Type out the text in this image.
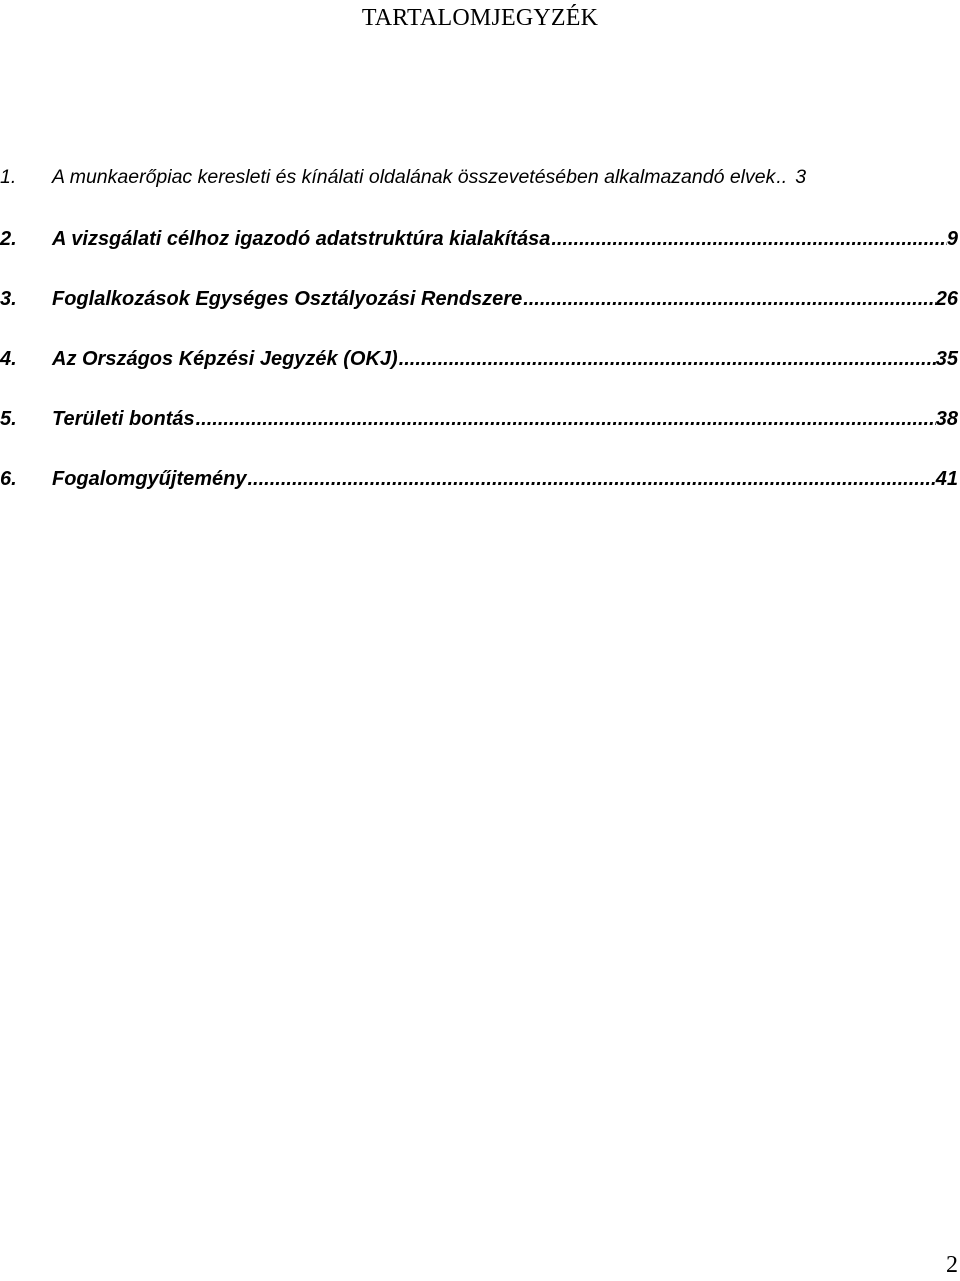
TARTALOMJEGYZÉK
1.	A munkaerőpiac keresleti és kínálati oldalának összevetésében alkalmazandó elvek .. 3
2.	A vizsgálati célhoz igazodó adatstruktúra kialakítása .....	9
3.	Foglalkozások Egységes Osztályozási Rendszere .....	26
4.	Az Országos Képzési Jegyzék (OKJ) .....	35
5.	Területi bontás .....	38
6.	Fogalomgyűjtemény .....	41
2
